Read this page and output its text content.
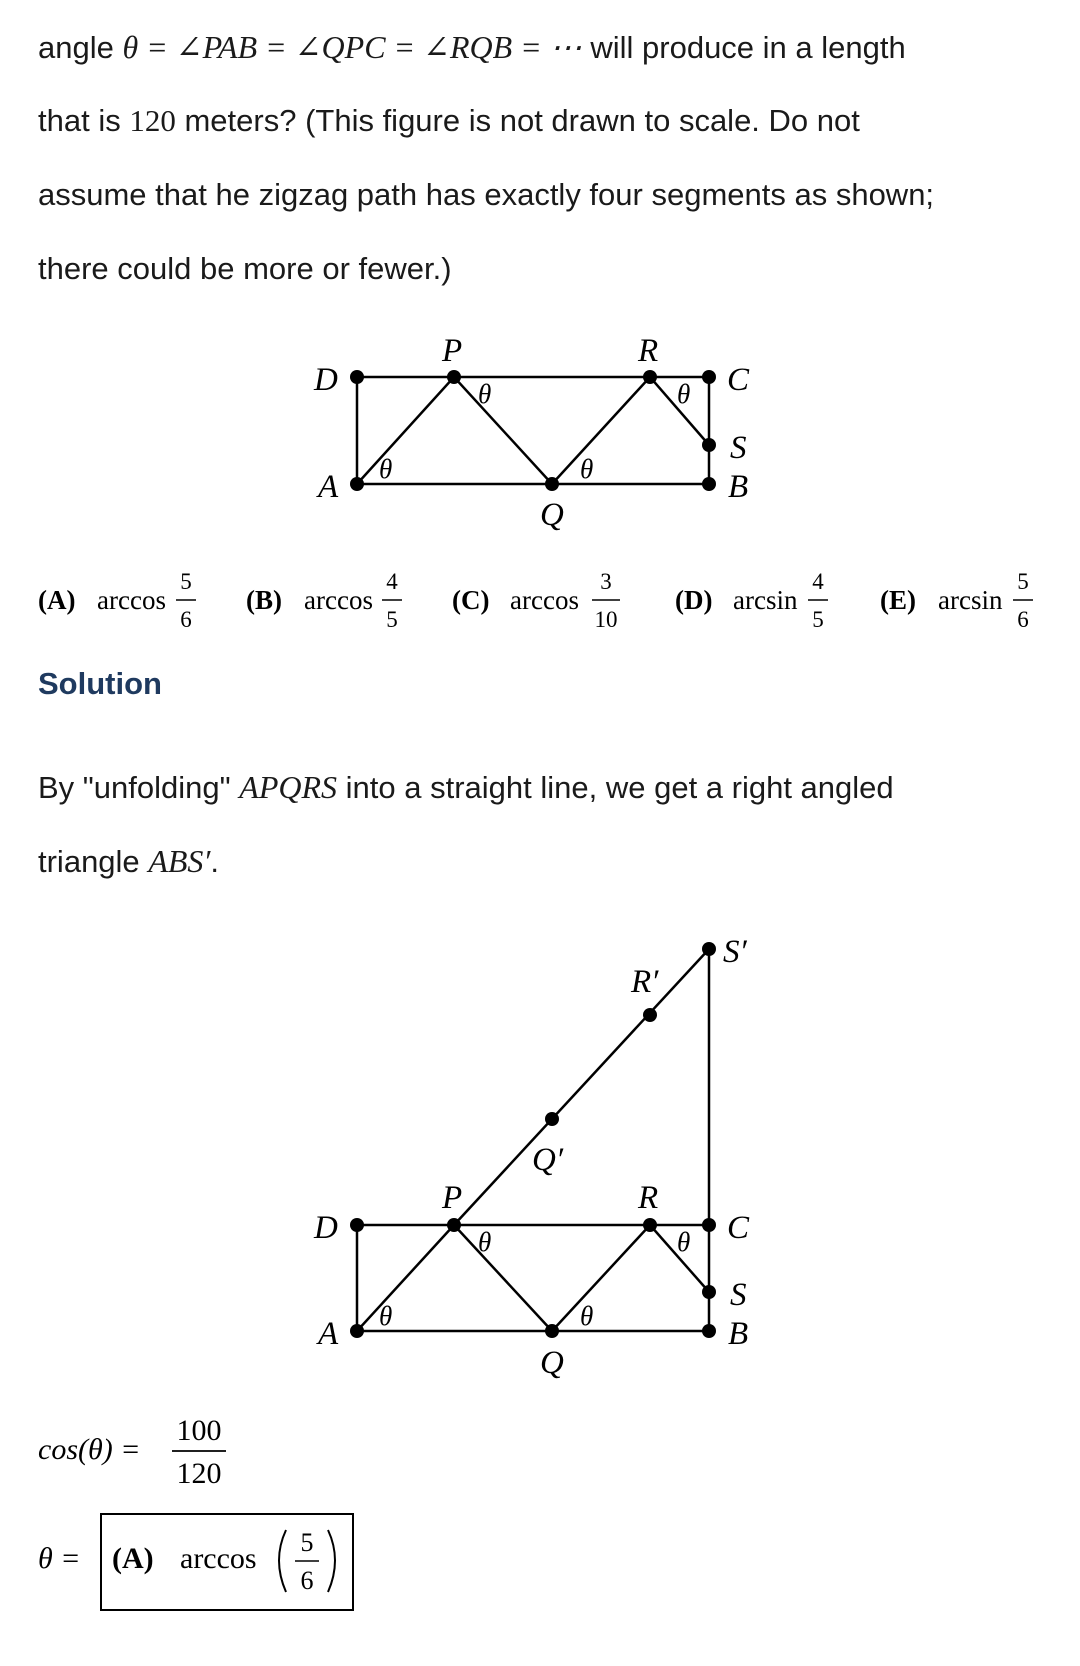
angle θ = ∠PAB = ∠QPC = ∠RQB = ⋯ will produce in a length

that is 120 meters? (This figure is not drawn to scale. Do not

assume that he zigzag path has exactly four segments as shown;

there could be more or fewer.)

D
P	R
C
S
A
Q
B
θ
θ
θ
θ
(A) arccos
5
6
(B) arccos
4
5
(C) arccos
3
10
(D) arcsin
4
5
(E) arcsin
5
6
S′
R′
Q′
D
P	R
C
S
A
Q
B
θ
θ
θ
θ
cos(θ) =
100
120
θ = (A) arccos 5
6
Solution

By "unfolding" APQRS into a straight line, we get a right angled

triangle ABS′.
